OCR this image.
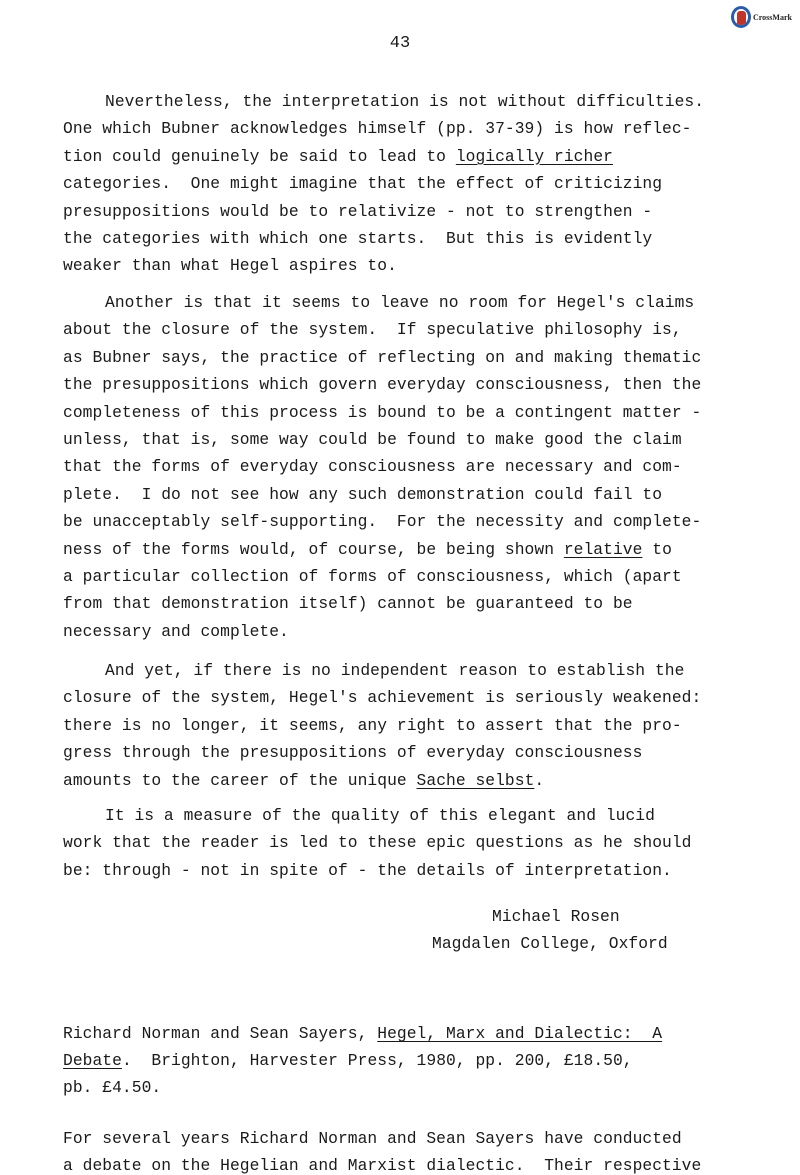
CrossMark
43
Nevertheless, the interpretation is not without difficulties.
One which Bubner acknowledges himself (pp. 37-39) is how reflec-
tion could genuinely be said to lead to logically richer
categories.  One might imagine that the effect of criticizing
presuppositions would be to relativize - not to strengthen -
the categories with which one starts.  But this is evidently
weaker than what Hegel aspires to.
Another is that it seems to leave no room for Hegel's claims
about the closure of the system.  If speculative philosophy is,
as Bubner says, the practice of reflecting on and making thematic
the presuppositions which govern everyday consciousness, then the
completeness of this process is bound to be a contingent matter -
unless, that is, some way could be found to make good the claim
that the forms of everyday consciousness are necessary and com-
plete.  I do not see how any such demonstration could fail to
be unacceptably self-supporting.  For the necessity and complete-
ness of the forms would, of course, be being shown relative to
a particular collection of forms of consciousness, which (apart
from that demonstration itself) cannot be guaranteed to be
necessary and complete.
And yet, if there is no independent reason to establish the
closure of the system, Hegel's achievement is seriously weakened:
there is no longer, it seems, any right to assert that the pro-
gress through the presuppositions of everyday consciousness
amounts to the career of the unique Sache selbst.
It is a measure of the quality of this elegant and lucid
work that the reader is led to these epic questions as he should
be: through - not in spite of - the details of interpretation.
Michael Rosen
Magdalen College, Oxford
Richard Norman and Sean Sayers, Hegel, Marx and Dialectic:  A
Debate.  Brighton, Harvester Press, 1980, pp. 200, £18.50,
pb. £4.50.
For several years Richard Norman and Sean Sayers have conducted
a debate on the Hegelian and Marxist dialectic.  Their respective
